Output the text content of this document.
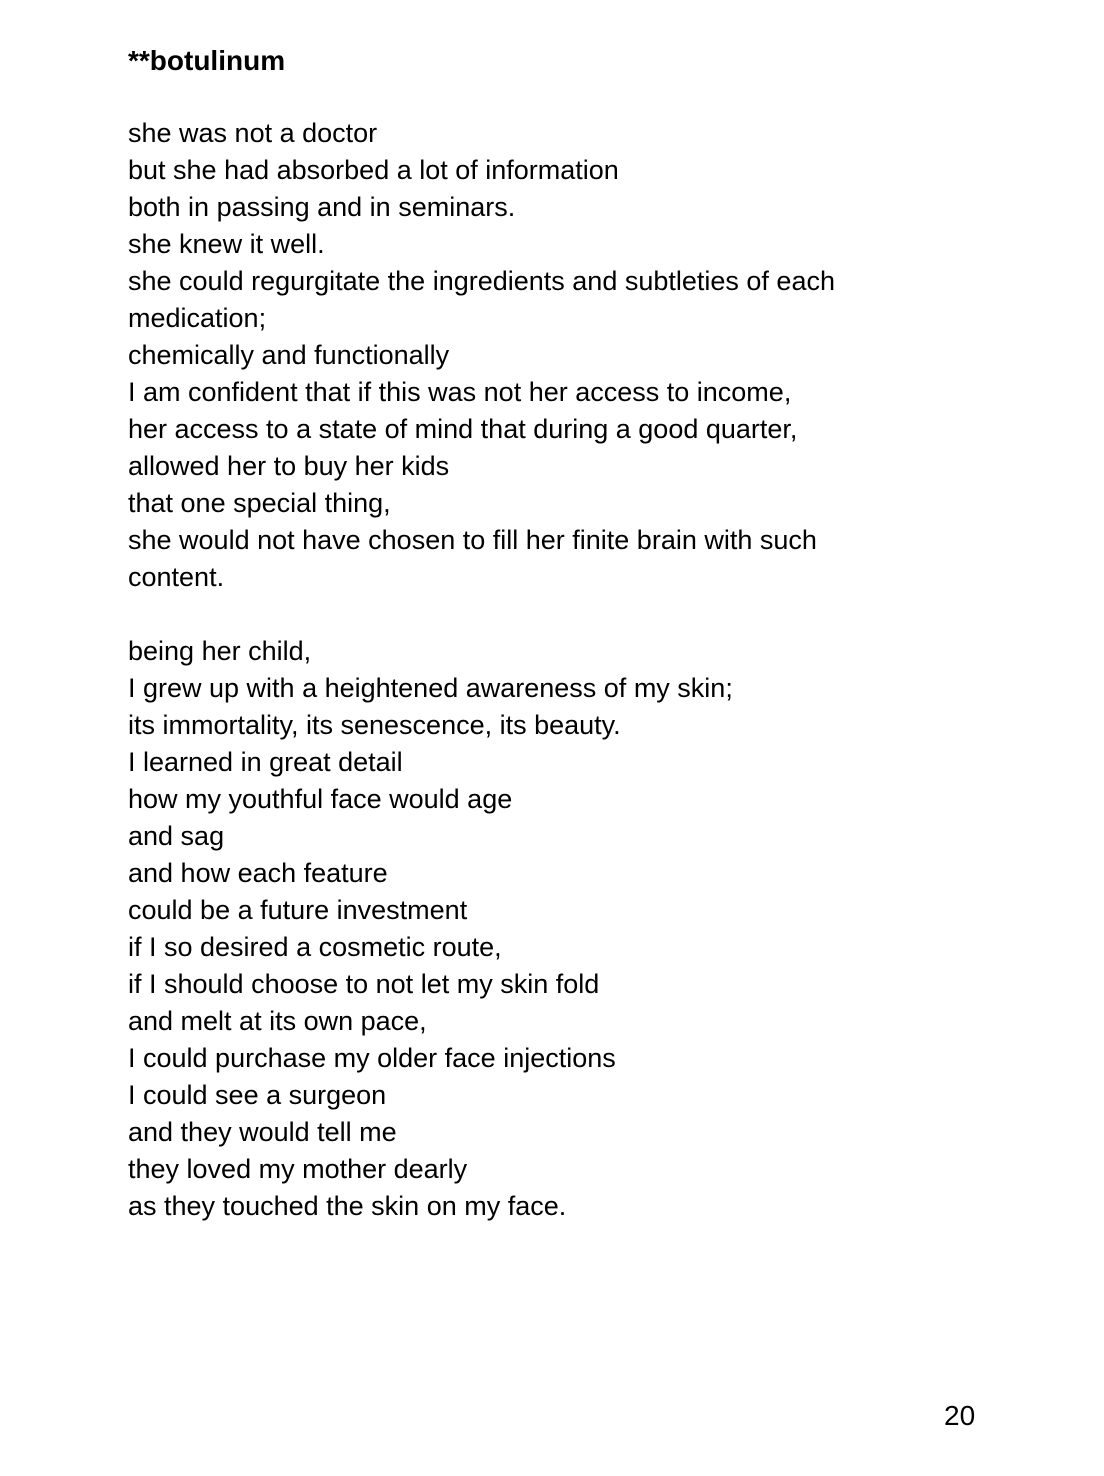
**botulinum

she was not a doctor
but she had absorbed a lot of information
both in passing and in seminars.
she knew it well.
she could regurgitate the ingredients and subtleties of each
medication;
chemically and functionally
I am confident that if this was not her access to income,
her access to a state of mind that during a good quarter,
allowed her to buy her kids
that one special thing,
she would not have chosen to fill her finite brain with such
content.

being her child,
I grew up with a heightened awareness of my skin;
its immortality, its senescence, its beauty.
I learned in great detail
how my youthful face would age
and sag
and how each feature
could be a future investment
if I so desired a cosmetic route,
if I should choose to not let my skin fold
and melt at its own pace,
I could purchase my older face injections
I could see a surgeon
and they would tell me
they loved my mother dearly
as they touched the skin on my face.

20
